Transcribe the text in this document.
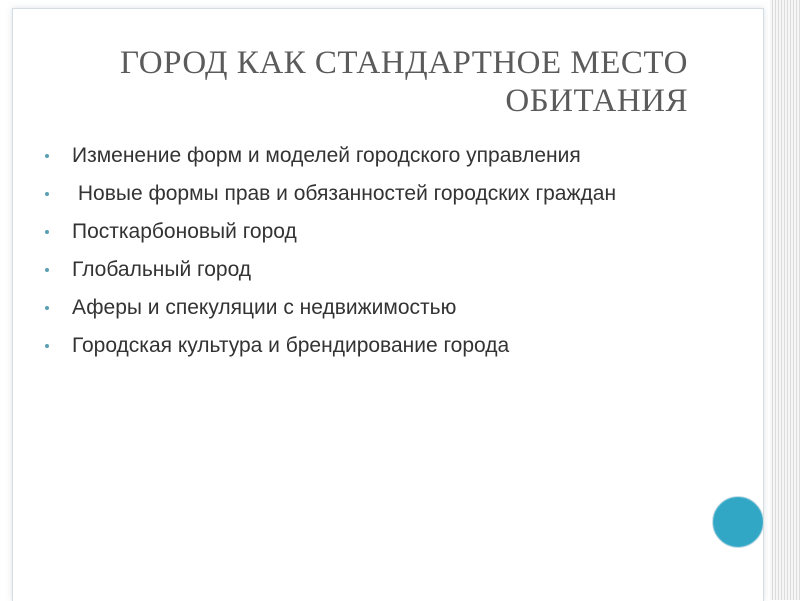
ГОРОД КАК СТАНДАРТНОЕ МЕСТО ОБИТАНИЯ
Изменение форм и моделей городского управления
Новые формы прав и обязанностей городских граждан
Посткарбоновый город
Глобальный город
Аферы и спекуляции с недвижимостью
Городская культура и брендирование города
